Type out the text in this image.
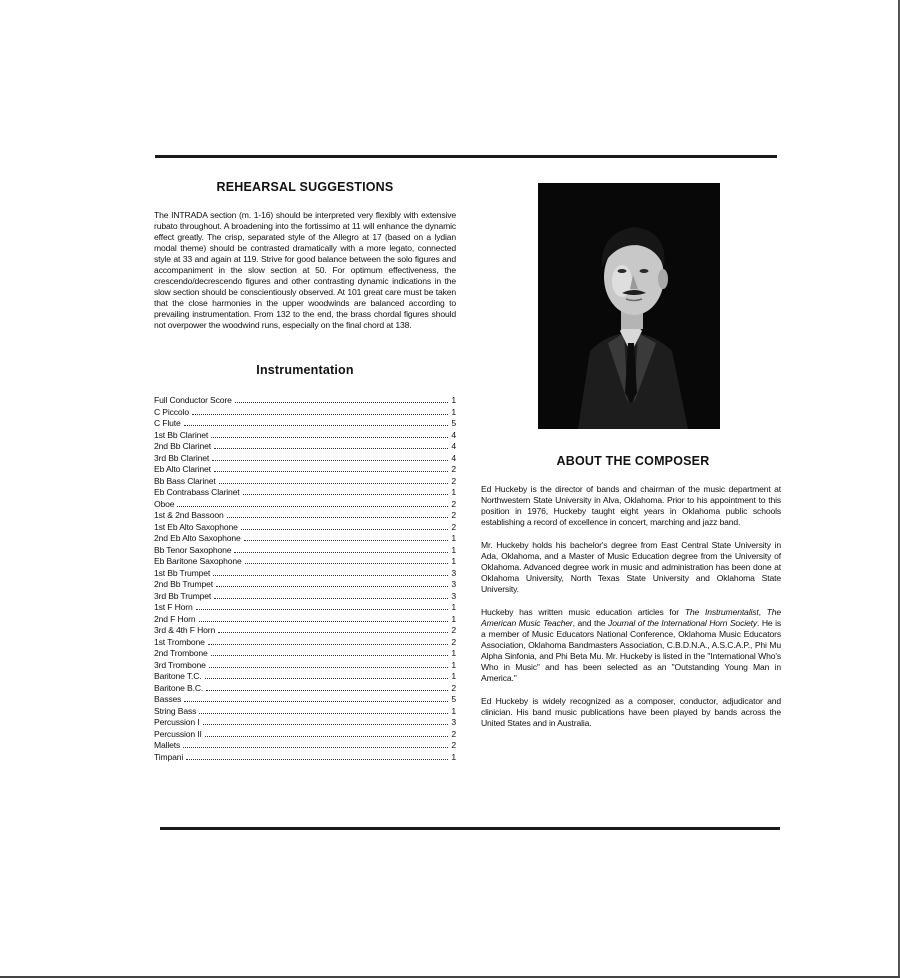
REHEARSAL SUGGESTIONS

The INTRADA section (m. 1-16) should be interpreted very flexibly with extensive rubato throughout. A broadening into the fortissimo at 11 will enhance the dynamic effect greatly. The crisp, separated style of the Allegro at 17 (based on a lydian modal theme) should be contrasted dramatically with a more legato, connected style at 33 and again at 119. Strive for good balance between the solo figures and accompaniment in the slow section at 50. For optimum effectiveness, the crescendo/decrescendo figures and other contrasting dynamic indications in the slow section should be conscientiously observed. At 101 great care must be taken that the close harmonies in the upper woodwinds are balanced according to prevailing instrumentation. From 132 to the end, the brass chordal figures should not overpower the woodwind runs, especially on the final chord at 138.

Instrumentation
Full Conductor Score	1
C Piccolo	1
C Flute	5
1st Bb Clarinet	4
2nd Bb Clarinet	4
3rd Bb Clarinet	4
Eb Alto Clarinet	2
Bb Bass Clarinet	2
Eb Contrabass Clarinet	1
Oboe	2
1st & 2nd Bassoon	2
1st Eb Alto Saxophone	2
2nd Eb Alto Saxophone	1
Bb Tenor Saxophone	1
Eb Baritone Saxophone	1
1st Bb Trumpet	3
2nd Bb Trumpet	3
3rd Bb Trumpet	3
1st F Horn	1
2nd F Horn	1
3rd & 4th F Horn	2
1st Trombone	2
2nd Trombone	1
3rd Trombone	1
Baritone T.C.	1
Baritone B.C.	2
Basses	5
String Bass	1
Percussion I	3
Percussion II	2
Mallets	2
Timpani	1
ABOUT THE COMPOSER

Ed Huckeby is the director of bands and chairman of the music department at Northwestern State University in Alva, Oklahoma. Prior to his appointment to this position in 1976, Huckeby taught eight years in Oklahoma public schools establishing a record of excellence in concert, marching and jazz band.

Mr. Huckeby holds his bachelor's degree from East Central State University in Ada, Oklahoma, and a Master of Music Education degree from the University of Oklahoma. Advanced degree work in music and administration has been done at Oklahoma University, North Texas State University and Oklahoma State University.

Huckeby has written music education articles for The Instrumentalist, The American Music Teacher, and the Journal of the International Horn Society. He is a member of Music Educators National Conference, Oklahoma Music Educators Association, Oklahoma Bandmasters Association, C.B.D.N.A., A.S.C.A.P., Phi Mu Alpha Sinfonia, and Phi Beta Mu. Mr. Huckeby is listed in the "International Who's Who in Music" and has been selected as an "Outstanding Young Man in America."

Ed Huckeby is widely recognized as a composer, conductor, adjudicator and clinician. His band music publications have been played by bands across the United States and in Australia.
